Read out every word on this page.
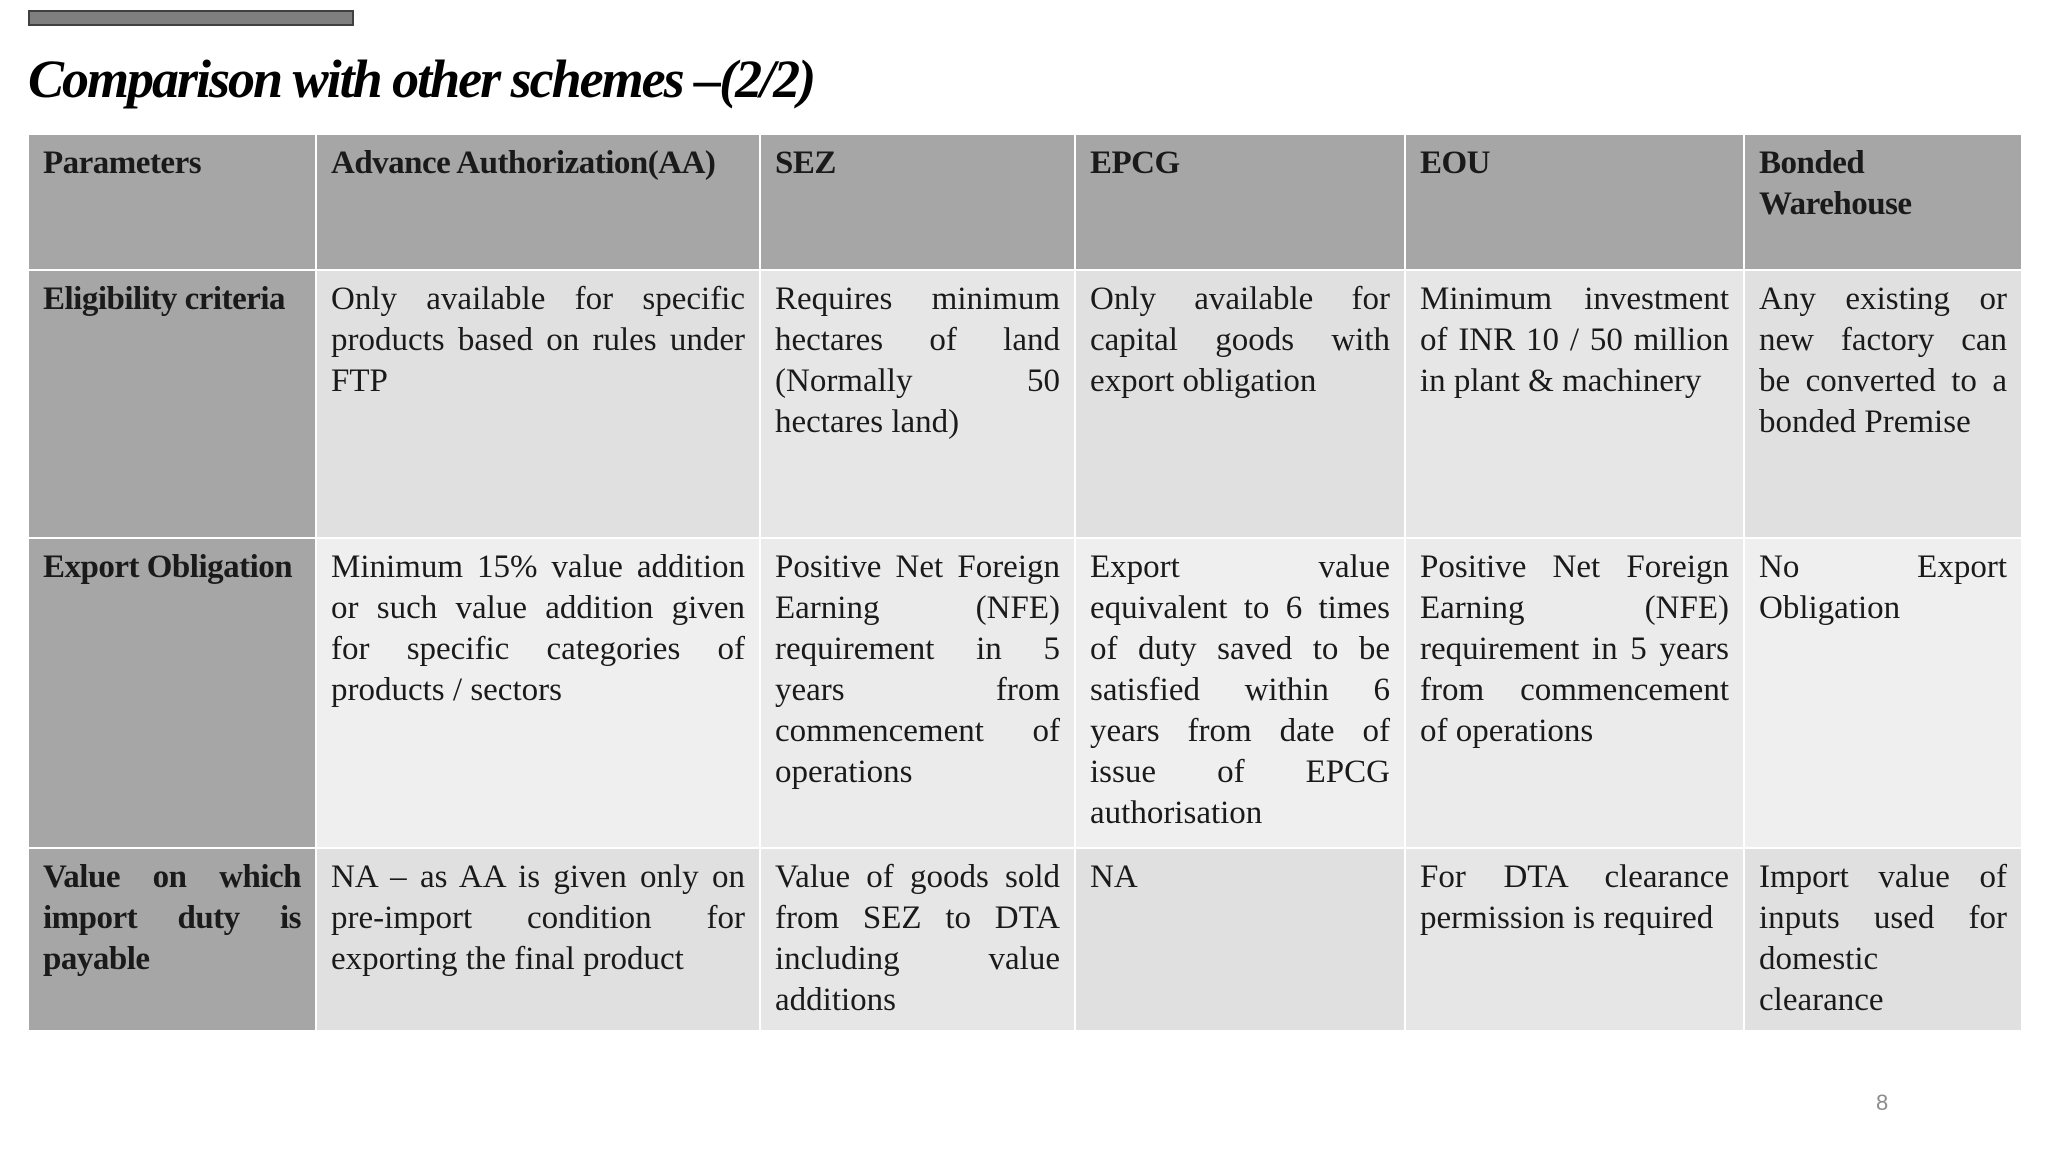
Comparison with other schemes –(2/2)
Parameters	Advance Authorization(AA)	SEZ	EPCG	EOU	Bonded Warehouse
Eligibility criteria	Only available for specific products based on rules under FTP	Requires minimum hectares of land (Normally 50 hectares land)	Only available for capital goods with export obligation	Minimum investment of INR 10 / 50 million in plant & machinery	Any existing or new factory can be converted to a bonded Premise
Export Obligation	Minimum 15% value addition or such value addition given for specific categories of products / sectors	Positive Net Foreign Earning (NFE) requirement in 5 years from commencement of operations	Export value equivalent to 6 times of duty saved to be satisfied within 6 years from date of issue of EPCG authorisation	Positive Net Foreign Earning (NFE) requirement in 5 years from commencement of operations	No Export Obligation
Value on which import duty is payable	NA – as AA is given only on pre-import condition for exporting the final product	Value of goods sold from SEZ to DTA including value additions	NA	For DTA clearance permission is required	Import value of inputs used for domestic clearance
8
